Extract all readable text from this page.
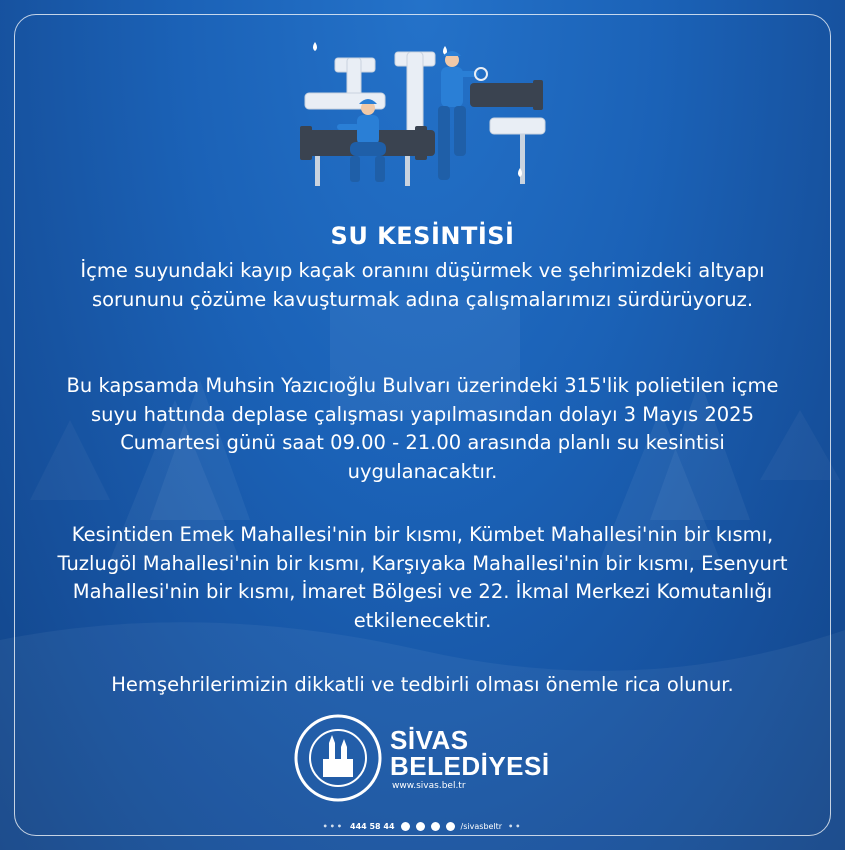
SU KESİNTİSİ
İçme suyundaki kayıp kaçak oranını düşürmek ve şehrimizdeki altyapı sorununu çözüme kavuşturmak adına çalışmalarımızı sürdürüyoruz.
Bu kapsamda Muhsin Yazıcıoğlu Bulvarı üzerindeki 315'lik polietilen içme suyu hattında deplase çalışması yapılmasından dolayı 3 Mayıs 2025 Cumartesi günü saat 09.00 - 21.00 arasında planlı su kesintisi uygulanacaktır.
Kesintiden Emek Mahallesi'nin bir kısmı, Kümbet Mahallesi'nin bir kısmı, Tuzlugöl Mahallesi'nin bir kısmı, Karşıyaka Mahallesi'nin bir kısmı, Esenyurt Mahallesi'nin bir kısmı, İmaret Bölgesi ve 22. İkmal Merkezi Komutanlığı etkilenecektir.
Hemşehrilerimizin dikkatli ve tedbirli olması önemle rica olunur.
SİVAS
BELEDİYESİ
www.sivas.bel.tr
••• 444 58 44	/sivasbeltr ••
